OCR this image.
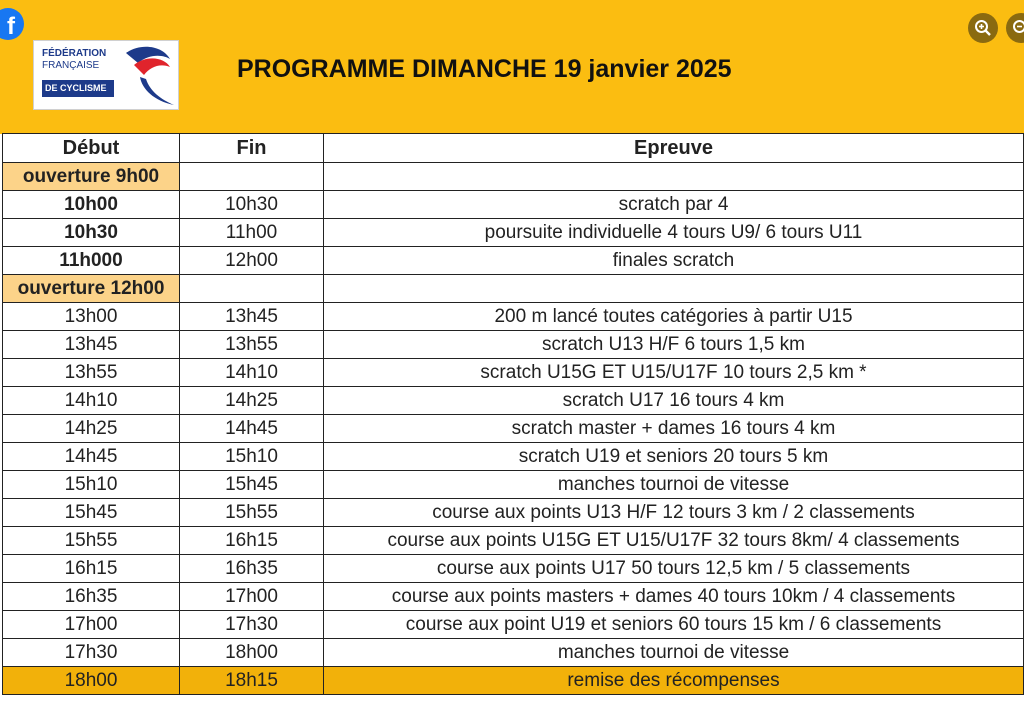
f
FÉDÉRATION
FRANÇAISE
DE CYCLISME
PROGRAMME DIMANCHE 19 janvier 2025
Début	Fin	Epreuve
ouverture 9h00		
10h00	10h30	scratch par 4
10h30	11h00	poursuite individuelle 4 tours U9/ 6 tours U11
11h000	12h00	finales scratch
ouverture 12h00		
13h00	13h45	200 m lancé toutes catégories à partir U15
13h45	13h55	scratch U13 H/F 6 tours 1,5 km
13h55	14h10	scratch U15G ET U15/U17F 10 tours 2,5 km *
14h10	14h25	scratch U17 16 tours 4 km
14h25	14h45	scratch master + dames 16 tours 4 km
14h45	15h10	scratch U19 et seniors 20 tours 5 km
15h10	15h45	manches tournoi de vitesse
15h45	15h55	course aux points U13 H/F 12 tours 3 km / 2 classements
15h55	16h15	course aux points U15G ET U15/U17F 32 tours 8km/ 4 classements
16h15	16h35	course aux points U17 50 tours 12,5 km / 5 classements
16h35	17h00	course aux points masters + dames 40 tours 10km / 4 classements
17h00	17h30	course aux point U19 et seniors 60 tours 15 km / 6 classements
17h30	18h00	manches tournoi de vitesse
18h00	18h15	remise des récompenses
